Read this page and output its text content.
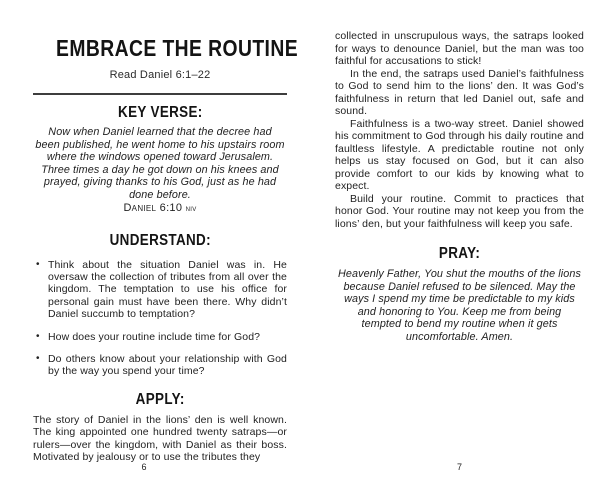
EMBRACE THE ROUTINE
Read Daniel 6:1–22
KEY VERSE:

Now when Daniel learned that the decree had been published, he went home to his upstairs room where the windows opened toward Jerusalem. Three times a day he got down on his knees and prayed, giving thanks to his God, just as he had done before.

Daniel 6:10 niv
UNDERSTAND:
• Think about the situation Daniel was in. He oversaw the collection of tributes from all over the kingdom. The temptation to use his office for personal gain must have been there. Why didn’t Daniel succumb to temptation?
• How does your routine include time for God?
• Do others know about your relationship with God by the way you spend your time?
APPLY:

The story of Daniel in the lions’ den is well known. The king appointed one hundred twenty satraps—or rulers—over the kingdom, with Daniel as their boss. Motivated by jealousy or to use the tributes they

6

collected in unscrupulous ways, the satraps looked for ways to denounce Daniel, but the man was too faithful for accusations to stick!

In the end, the satraps used Daniel’s faithfulness to God to send him to the lions’ den. It was God’s faithfulness in return that led Daniel out, safe and sound.

Faithfulness is a two-way street. Daniel showed his commitment to God through his daily routine and faultless lifestyle. A predictable routine not only helps us stay focused on God, but it can also provide comfort to our kids by knowing what to expect.

Build your routine. Commit to practices that honor God. Your routine may not keep you from the lions’ den, but your faithfulness will keep you safe.

PRAY:

Heavenly Father, You shut the mouths of the lions because Daniel refused to be silenced. May the ways I spend my time be predictable to my kids and honoring to You. Keep me from being tempted to bend my routine when it gets uncomfortable. Amen.

7
